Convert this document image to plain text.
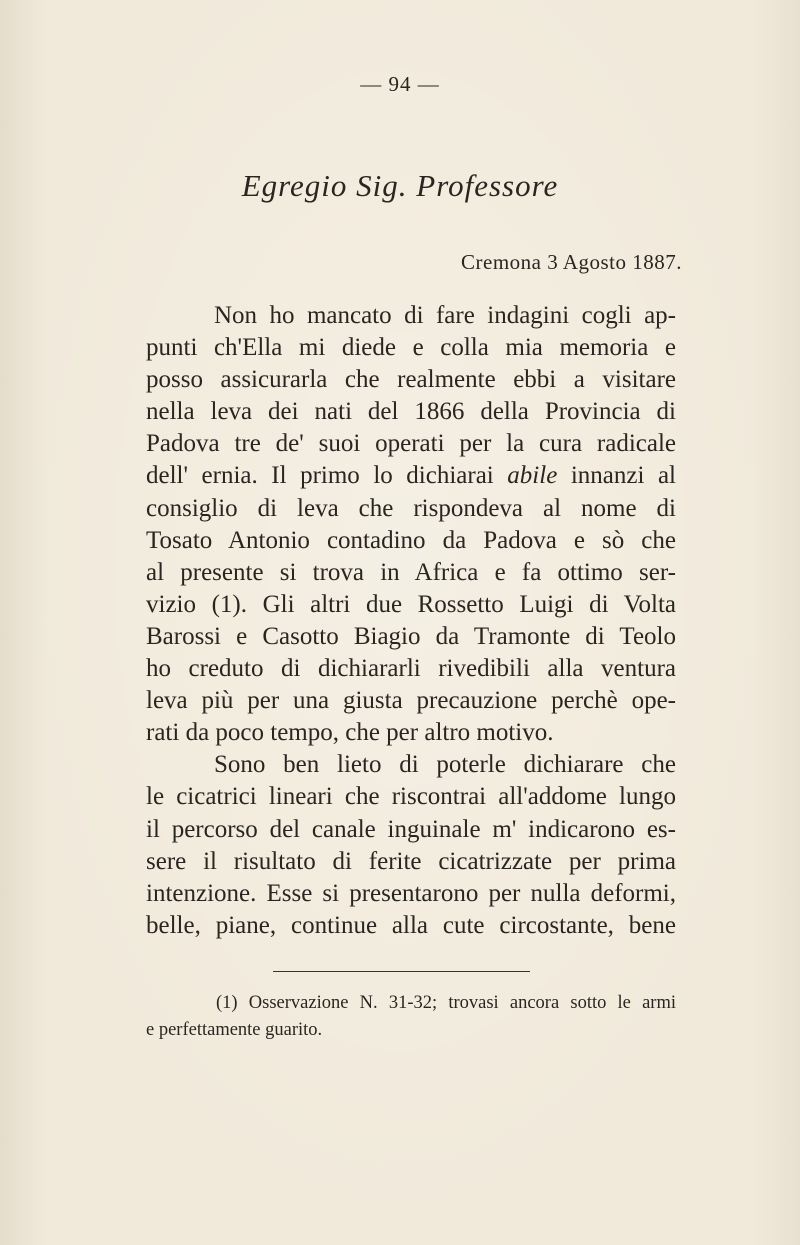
— 94 —
Egregio Sig. Professore
Cremona 3 Agosto 1887.
Non ho mancato di fare indagini cogli ap-
punti ch'Ella mi diede e colla mia memoria e
posso assicurarla che realmente ebbi a visitare
nella leva dei nati del 1866 della Provincia di
Padova tre de' suoi operati per la cura radicale
dell' ernia. Il primo lo dichiarai abile innanzi al
consiglio di leva che rispondeva al nome di
Tosato Antonio contadino da Padova e sò che
al presente si trova in Africa e fa ottimo ser-
vizio (1). Gli altri due Rossetto Luigi di Volta
Barossi e Casotto Biagio da Tramonte di Teolo
ho creduto di dichiararli rivedibili alla ventura
leva più per una giusta precauzione perchè ope-
rati da poco tempo, che per altro motivo.
Sono ben lieto di poterle dichiarare che
le cicatrici lineari che riscontrai all'addome lungo
il percorso del canale inguinale m' indicarono es-
sere il risultato di ferite cicatrizzate per prima
intenzione. Esse si presentarono per nulla deformi,
belle, piane, continue alla cute circostante, bene
(1) Osservazione N. 31-32; trovasi ancora sotto le armi
e perfettamente guarito.
